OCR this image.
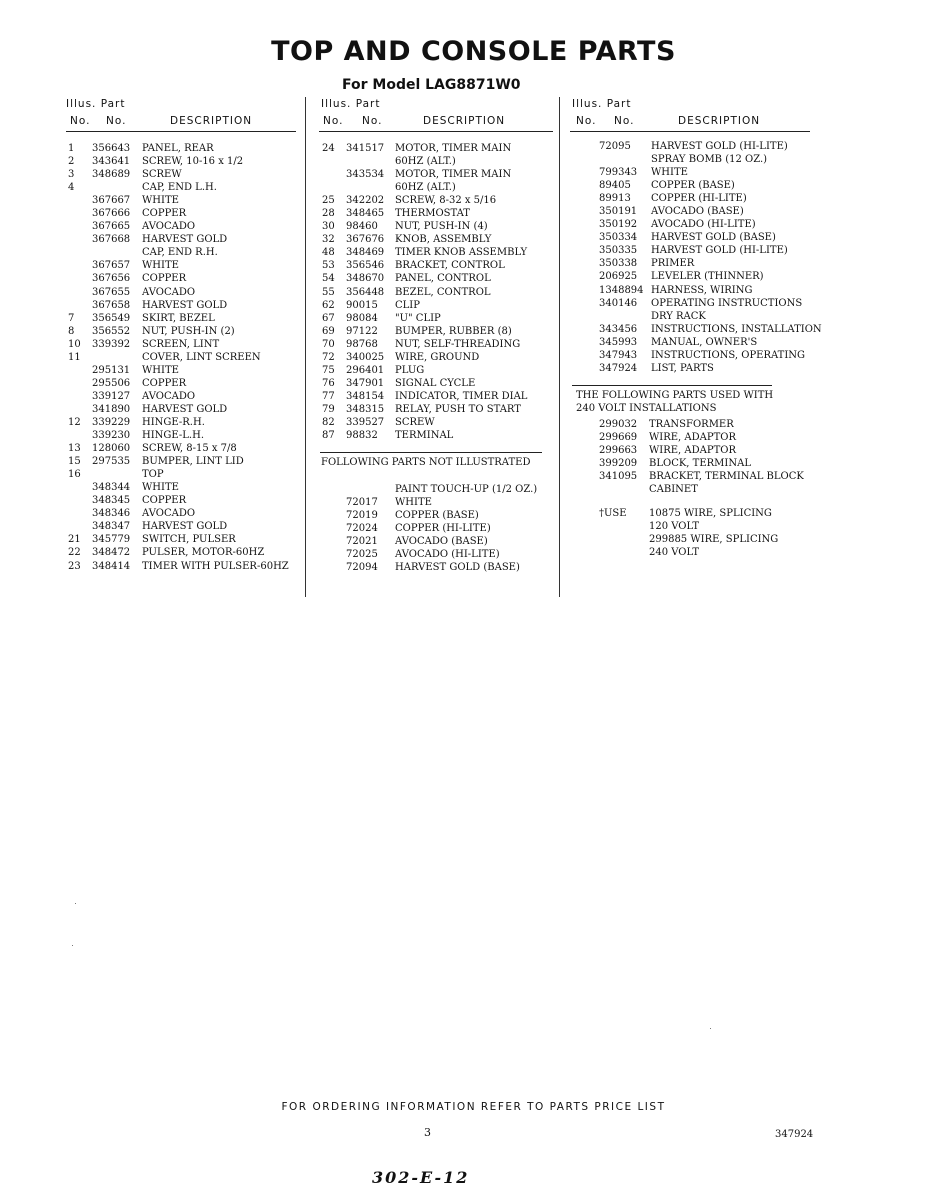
TOP AND CONSOLE PARTS
For Model LAG8871W0
Illus. Part
No. No.	DESCRIPTION
Illus. Part
No. No.	DESCRIPTION
Illus. Part
No. No.	DESCRIPTION
1 356643 PANEL, REAR
2 343641 SCREW, 10-16 x 1/2
3 348689 SCREW
4	CAP, END L.H.
367667 WHITE
367666 COPPER
367665 AVOCADO
367668 HARVEST GOLD
CAP, END R.H.
367657 WHITE
367656 COPPER
367655 AVOCADO
367658 HARVEST GOLD
7 356549 SKIRT, BEZEL
8 356552 NUT, PUSH-IN (2)
10 339392 SCREEN, LINT
11	COVER, LINT SCREEN
295131 WHITE
295506 COPPER
339127 AVOCADO
341890 HARVEST GOLD
12 339229 HINGE-R.H.
339230 HINGE-L.H.
13 128060 SCREW, 8-15 x 7/8
15 297535 BUMPER, LINT LID
16	TOP
348344 WHITE
348345 COPPER
348346 AVOCADO
348347 HARVEST GOLD
21 345779 SWITCH, PULSER
22 348472 PULSER, MOTOR-60HZ
23 348414 TIMER WITH PULSER-60HZ
24 341517 MOTOR, TIMER MAIN
60HZ (ALT.)
343534 MOTOR, TIMER MAIN
60HZ (ALT.)
25 342202 SCREW, 8-32 x 5/16
28 348465 THERMOSTAT
30 98460 NUT, PUSH-IN (4)
32 367676 KNOB, ASSEMBLY
48 348469 TIMER KNOB ASSEMBLY
53 356546 BRACKET, CONTROL
54 348670 PANEL, CONTROL
55 356448 BEZEL, CONTROL
62 90015 CLIP
67 98084 "U" CLIP
69 97122 BUMPER, RUBBER (8)
70 98768 NUT, SELF-THREADING
72 340025 WIRE, GROUND
75 296401 PLUG
76 347901 SIGNAL CYCLE
77 348154 INDICATOR, TIMER DIAL
79 348315 RELAY, PUSH TO START
82 339527 SCREW
87 98832 TERMINAL
FOLLOWING PARTS NOT ILLUSTRATED
PAINT TOUCH-UP (1/2 OZ.)
72017 WHITE
72019 COPPER (BASE)
72024 COPPER (HI-LITE)
72021 AVOCADO (BASE)
72025 AVOCADO (HI-LITE)
72094 HARVEST GOLD (BASE)
72095 HARVEST GOLD (HI-LITE)
SPRAY BOMB (12 OZ.)
799343 WHITE
89405 COPPER (BASE)
89913 COPPER (HI-LITE)
350191 AVOCADO (BASE)
350192 AVOCADO (HI-LITE)
350334 HARVEST GOLD (BASE)
350335 HARVEST GOLD (HI-LITE)
350338 PRIMER
206925 LEVELER (THINNER)
1348894 HARNESS, WIRING
340146 OPERATING INSTRUCTIONS
DRY RACK
343456 INSTRUCTIONS, INSTALLATION
345993 MANUAL, OWNER'S
347943 INSTRUCTIONS, OPERATING
347924 LIST, PARTS
THE FOLLOWING PARTS USED WITH
240 VOLT INSTALLATIONS
299032 TRANSFORMER
299669 WIRE, ADAPTOR
299663 WIRE, ADAPTOR
399209 BLOCK, TERMINAL
341095 BRACKET, TERMINAL BLOCK
CABINET
†USE 10875 WIRE, SPLICING
120 VOLT
299885 WIRE, SPLICING
240 VOLT
FOR ORDERING INFORMATION REFER TO PARTS PRICE LIST
3	347924
302-E-12
